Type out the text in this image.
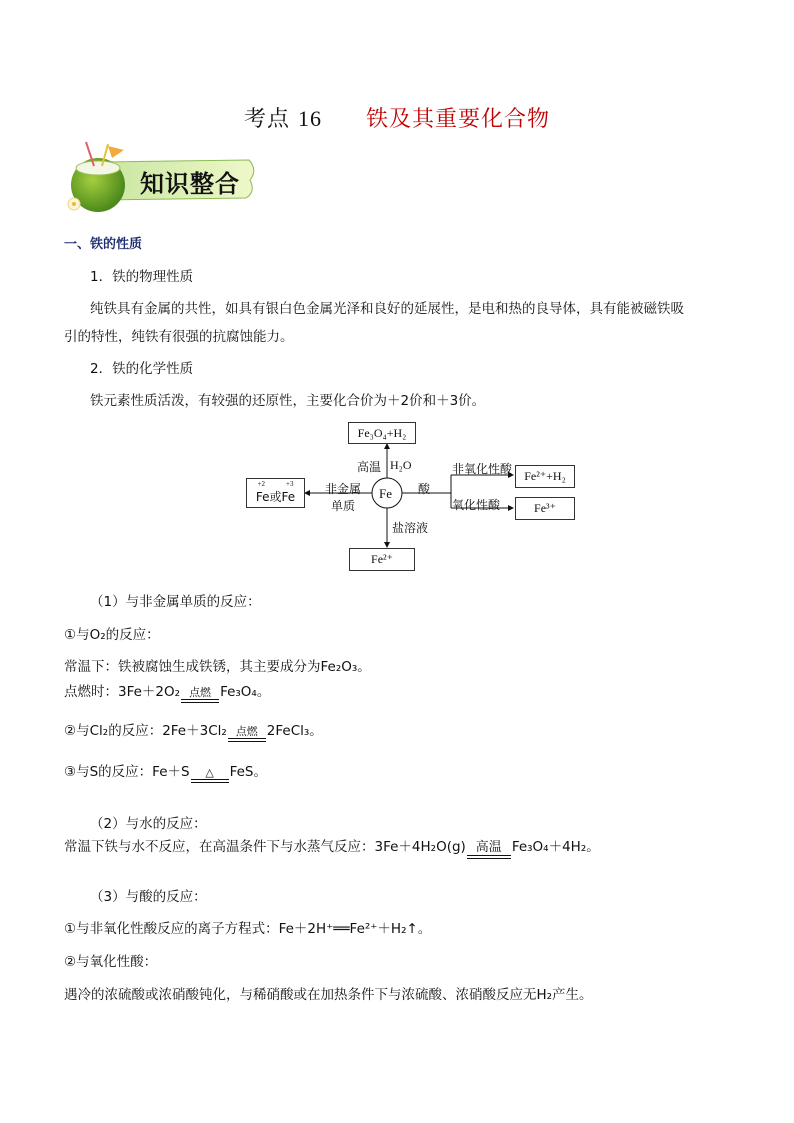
考点 16 铁及其重要化合物
知识整合
一、铁的性质
1．铁的物理性质
纯铁具有金属的共性，如具有银白色金属光泽和良好的延展性，是电和热的良导体，具有能被磁铁吸
引的特性，纯铁有很强的抗腐蚀能力。
2．铁的化学性质
铁元素性质活泼，有较强的还原性，主要化合价为＋2价和＋3价。
Fe
Fe₃O₄+H₂
高温 H₂O
+2	+3
Fe或Fe
非金属
单质
酸
非氧化性酸	Fe²⁺+H₂
氧化性酸	Fe³⁺
盐溶液
Fe²⁺
（1）与非金属单质的反应：
①与O₂的反应：
常温下：铁被腐蚀生成铁锈，其主要成分为Fe₂O₃。
点燃时：3Fe＋2O₂ 点燃 Fe₃O₄。
②与Cl₂的反应：2Fe＋3Cl₂ 点燃 2FeCl₃。
③与S的反应：Fe＋S	△	FeS。
（2）与水的反应：
常温下铁与水不反应，在高温条件下与水蒸气反应：3Fe＋4H₂O(g) 高温 Fe₃O₄＋4H₂。
（3）与酸的反应：
①与非氧化性酸反应的离子方程式：Fe＋2H⁺══Fe²⁺＋H₂↑。
②与氧化性酸：
遇冷的浓硫酸或浓硝酸钝化，与稀硝酸或在加热条件下与浓硫酸、浓硝酸反应无H₂产生。
